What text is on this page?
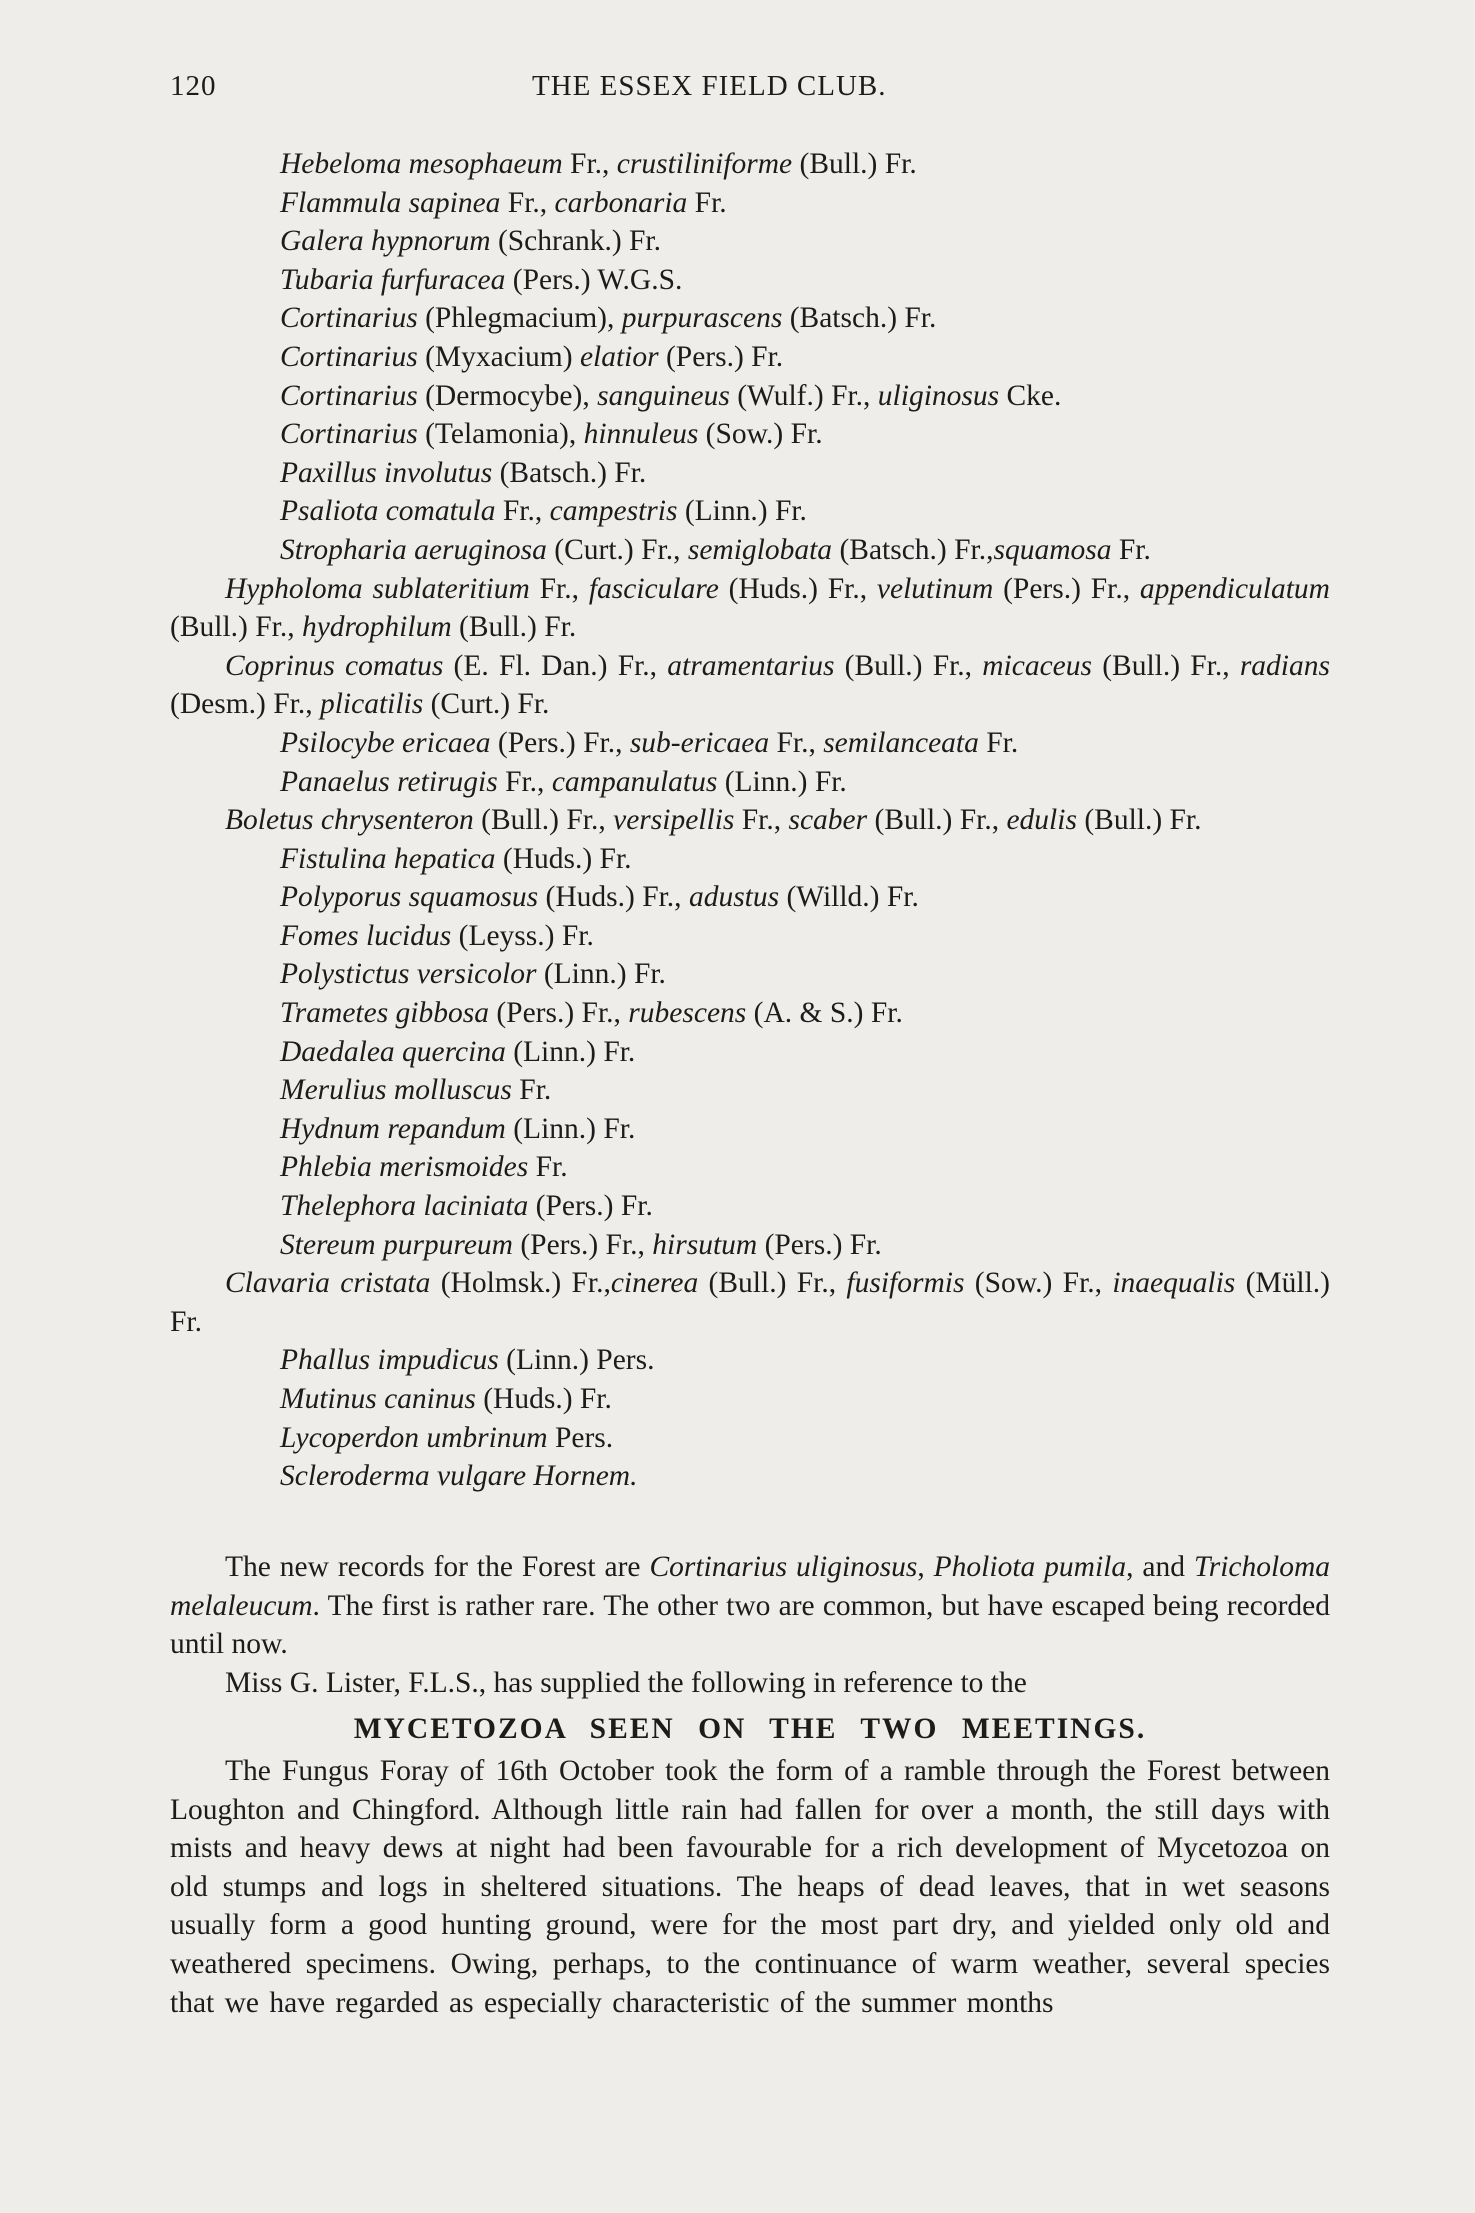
120	THE ESSEX FIELD CLUB.
Hebeloma mesophaeum Fr., crustiliniforme (Bull.) Fr.
Flammula sapinea Fr., carbonaria Fr.
Galera hypnorum (Schrank.) Fr.
Tubaria furfuracea (Pers.) W.G.S.
Cortinarius (Phlegmacium), purpurascens (Batsch.) Fr.
Cortinarius (Myxacium) elatior (Pers.) Fr.
Cortinarius (Dermocybe), sanguineus (Wulf.) Fr., uliginosus Cke.
Cortinarius (Telamonia), hinnuleus (Sow.) Fr.
Paxillus involutus (Batsch.) Fr.
Psaliota comatula Fr., campestris (Linn.) Fr.
Stropharia aeruginosa (Curt.) Fr., semiglobata (Batsch.) Fr.,squamosa Fr.
Hypholoma sublateritium Fr., fasciculare (Huds.) Fr., velutinum (Pers.) Fr., appendiculatum (Bull.) Fr., hydrophilum (Bull.) Fr.
Coprinus comatus (E. Fl. Dan.) Fr., atramentarius (Bull.) Fr., micaceus (Bull.) Fr., radians (Desm.) Fr., plicatilis (Curt.) Fr.
Psilocybe ericaea (Pers.) Fr., sub-ericaea Fr., semilanceata Fr.
Panaelus retirugis Fr., campanulatus (Linn.) Fr.
Boletus chrysenteron (Bull.) Fr., versipellis Fr., scaber (Bull.) Fr., edulis (Bull.) Fr.
Fistulina hepatica (Huds.) Fr.
Polyporus squamosus (Huds.) Fr., adustus (Willd.) Fr.
Fomes lucidus (Leyss.) Fr.
Polystictus versicolor (Linn.) Fr.
Trametes gibbosa (Pers.) Fr., rubescens (A. & S.) Fr.
Daedalea quercina (Linn.) Fr.
Merulius molluscus Fr.
Hydnum repandum (Linn.) Fr.
Phlebia merismoides Fr.
Thelephora laciniata (Pers.) Fr.
Stereum purpureum (Pers.) Fr., hirsutum (Pers.) Fr.
Clavaria cristata (Holmsk.) Fr.,cinerea (Bull.) Fr., fusiformis (Sow.) Fr., inaequalis (Müll.) Fr.
Phallus impudicus (Linn.) Pers.
Mutinus caninus (Huds.) Fr.
Lycoperdon umbrinum Pers.
Scleroderma vulgare Hornem.

The new records for the Forest are Cortinarius uliginosus, Pholiota pumila, and Tricholoma melaleucum. The first is rather rare. The other two are common, but have escaped being recorded until now.

Miss G. Lister, F.L.S., has supplied the following in reference to the

MYCETOZOA SEEN ON THE TWO MEETINGS.

The Fungus Foray of 16th October took the form of a ramble through the Forest between Loughton and Chingford. Although little rain had fallen for over a month, the still days with mists and heavy dews at night had been favourable for a rich development of Mycetozoa on old stumps and logs in sheltered situations. The heaps of dead leaves, that in wet seasons usually form a good hunting ground, were for the most part dry, and yielded only old and weathered specimens. Owing, perhaps, to the continuance of warm weather, several species that we have regarded as especially characteristic of the summer months
